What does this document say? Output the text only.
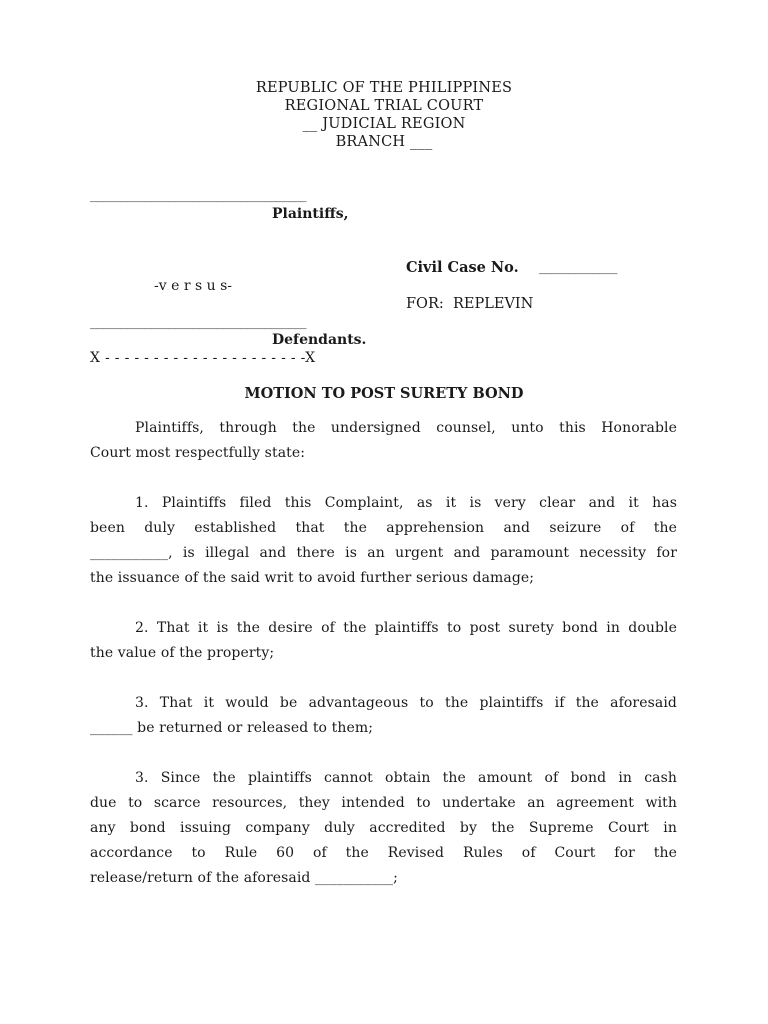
REPUBLIC OF THE PHILIPPINES
REGIONAL TRIAL COURT
__ JUDICIAL REGION
BRANCH ___
____________________________________
Plaintiffs,
Civil Case No. _____________
-v e r s u s-
FOR:  REPLEVIN
____________________________________
Defendants.
X - - - - - - - - - - - - - - - - - - - - -X
MOTION TO POST SURETY BOND
Plaintiffs, through the undersigned counsel, unto this Honorable
Court most respectfully state:
1. Plaintiffs filed this Complaint, as it is very clear and it has
been duly established that the apprehension and seizure of the
___________, is illegal and there is an urgent and paramount necessity for
the issuance of the said writ to avoid further serious damage;
2. That it is the desire of the plaintiffs to post surety bond in double
the value of the property;
3. That it would be advantageous to the plaintiffs if the aforesaid
______ be returned or released to them;
3. Since the plaintiffs cannot obtain the amount of bond in cash
due to scarce resources, they intended to undertake an agreement with
any bond issuing company duly accredited by the Supreme Court in
accordance to Rule 60 of the Revised Rules of Court for the
release/return of the aforesaid ___________;
